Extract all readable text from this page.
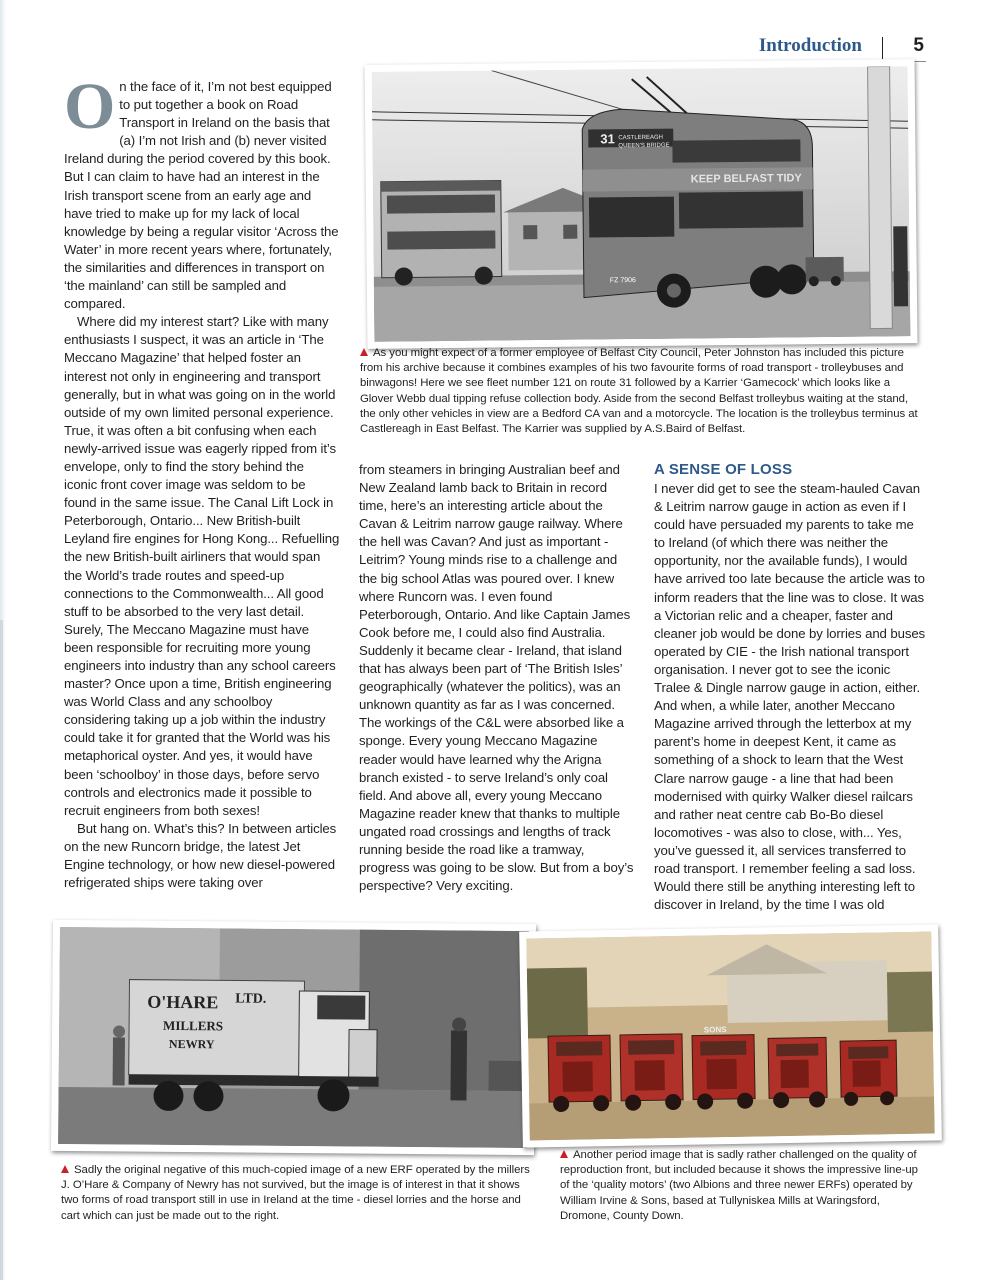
Introduction	5
31 CASTLEREAGH
QUEEN'S BRIDGE
KEEP BELFAST TIDY
FZ 7906
As you might expect of a former employee of Belfast City Council, Peter Johnston has included this picture from his archive because it combines examples of his two favourite forms of road transport - trolleybuses and binwagons! Here we see fleet number 121 on route 31 followed by a Karrier ‘Gamecock’ which looks like a Glover Webb dual tipping refuse collection body. Aside from the second Belfast trolleybus waiting at the stand, the only other vehicles in view are a Bedford CA van and a motorcycle. The location is the trolleybus terminus at Castlereagh in East Belfast. The Karrier was supplied by A.S.Baird of Belfast.
O n the face of it, I’m not best equipped to put together a book on Road Transport in Ireland on the basis that (a) I’m not Irish and (b) never visited Ireland during the period covered by this book. But I can claim to have had an interest in the Irish transport scene from an early age and have tried to make up for my lack of local knowledge by being a regular visitor ‘Across the Water’ in more recent years where, fortunately, the similarities and differences in transport on ‘the mainland’ can still be sampled and compared.

Where did my interest start? Like with many enthusiasts I suspect, it was an article in ‘The Meccano Magazine’ that helped foster an interest not only in engineering and transport generally, but in what was going on in the world outside of my own limited personal experience. True, it was often a bit confusing when each newly-arrived issue was eagerly ripped from it’s envelope, only to find the story behind the iconic front cover image was seldom to be found in the same issue. The Canal Lift Lock in Peterborough, Ontario... New British-built Leyland fire engines for Hong Kong... Refuelling the new British-built airliners that would span the World’s trade routes and speed-up connections to the Commonwealth... All good stuff to be absorbed to the very last detail. Surely, The Meccano Magazine must have been responsible for recruiting more young engineers into industry than any school careers master? Once upon a time, British engineering was World Class and any schoolboy considering taking up a job within the industry could take it for granted that the World was his metaphorical oyster. And yes, it would have been ‘schoolboy’ in those days, before servo controls and electronics made it possible to recruit engineers from both sexes!

But hang on. What’s this? In between articles on the new Runcorn bridge, the latest Jet Engine technology, or how new diesel-powered refrigerated ships were taking over

from steamers in bringing Australian beef and New Zealand lamb back to Britain in record time, here’s an interesting article about the Cavan & Leitrim narrow gauge railway. Where the hell was Cavan? And just as important - Leitrim? Young minds rise to a challenge and the big school Atlas was poured over. I knew where Runcorn was. I even found Peterborough, Ontario. And like Captain James Cook before me, I could also find Australia. Suddenly it became clear - Ireland, that island that has always been part of ‘The British Isles’ geographically (whatever the politics), was an unknown quantity as far as I was concerned. The workings of the C&L were absorbed like a sponge. Every young Meccano Magazine reader would have learned why the Arigna branch existed - to serve Ireland’s only coal field. And above all, every young Meccano Magazine reader knew that thanks to multiple ungated road crossings and lengths of track running beside the road like a tramway, progress was going to be slow. But from a boy’s perspective? Very exciting.

A SENSE OF LOSS

I never did get to see the steam-hauled Cavan & Leitrim narrow gauge in action as even if I could have persuaded my parents to take me to Ireland (of which there was neither the opportunity, nor the available funds), I would have arrived too late because the article was to inform readers that the line was to close. It was a Victorian relic and a cheaper, faster and cleaner job would be done by lorries and buses operated by CIE - the Irish national transport organisation. I never got to see the iconic Tralee & Dingle narrow gauge in action, either. And when, a while later, another Meccano Magazine arrived through the letterbox at my parent’s home in deepest Kent, it came as something of a shock to learn that the West Clare narrow gauge - a line that had been modernised with quirky Walker diesel railcars and rather neat centre cab Bo-Bo diesel locomotives - was also to close, with... Yes, you’ve guessed it, all services transferred to road transport. I remember feeling a sad loss. Would there still be anything interesting left to discover in Ireland, by the time I was old

O'HARE LTD.
MILLERS
NEWRY
SONS
Sadly the original negative of this much-copied image of a new ERF operated by the millers J. O’Hare & Company of Newry has not survived, but the image is of interest in that it shows two forms of road transport still in use in Ireland at the time - diesel lorries and the horse and cart which can just be made out to the right.
Another period image that is sadly rather challenged on the quality of reproduction front, but included because it shows the impressive line-up of the ‘quality motors’ (two Albions and three newer ERFs) operated by William Irvine & Sons, based at Tullyniskea Mills at Waringsford, Dromone, County Down.
